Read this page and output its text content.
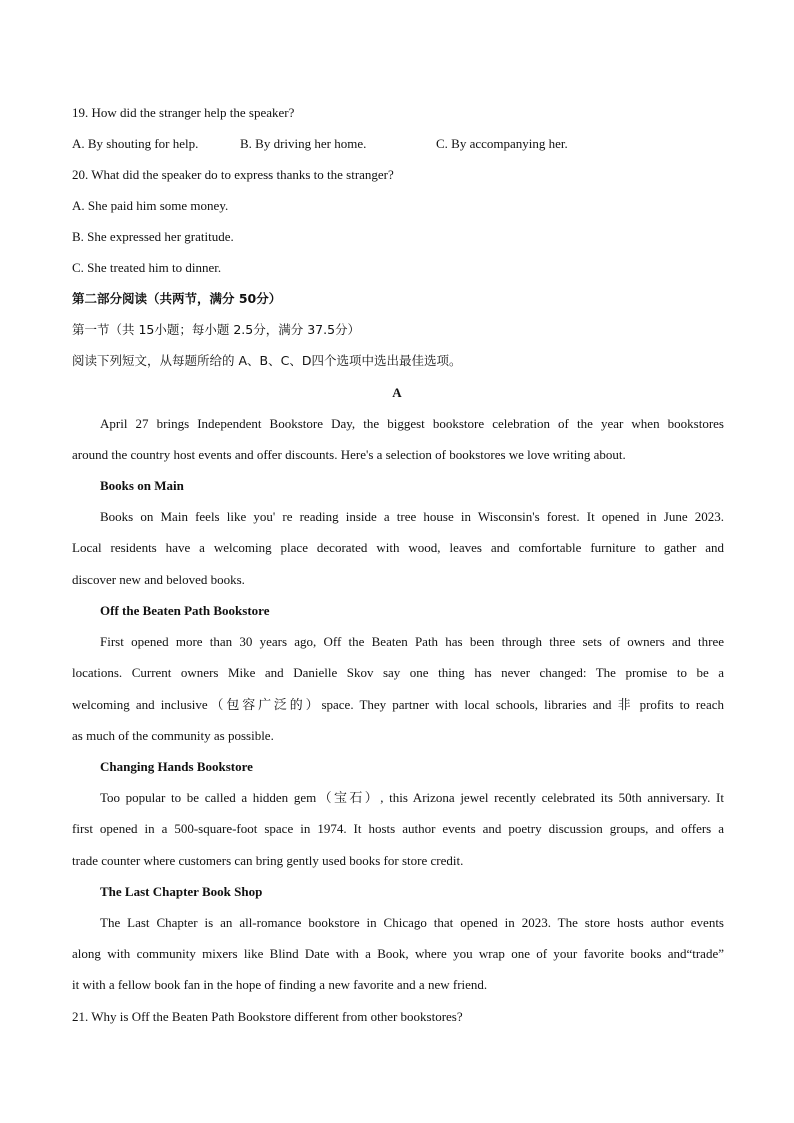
19. How did the stranger help the speaker?
A. By shouting for help.	B. By driving her home.	C. By accompanying her.
20. What did the speaker do to express thanks to the stranger?
A. She paid him some money.
B. She expressed her gratitude.
C. She treated him to dinner.
第二部分阅读（共两节，满分 50分）
第一节（共 15小题；每小题 2.5分，满分 37.5分）
阅读下列短文，从每题所给的 A、B、C、D四个选项中选出最佳选项。
A
April 27 brings Independent Bookstore Day, the biggest bookstore celebration of the year when bookstores
around the country host events and offer discounts. Here's a selection of bookstores we love writing about.
Books on Main
Books on Main feels like you' re reading inside a tree house in Wisconsin's forest. It opened in June 2023.
Local residents have a welcoming place decorated with wood, leaves and comfortable furniture to gather and
discover new and beloved books.
Off the Beaten Path Bookstore
First opened more than 30 years ago, Off the Beaten Path has been through three sets of owners and three
locations. Current owners Mike and Danielle Skov say one thing has never changed: The promise to be a
welcoming and inclusive（包容广泛的）space. They partner with local schools, libraries and 非 profits to reach
as much of the community as possible.
Changing Hands Bookstore
Too popular to be called a hidden gem（宝石）, this Arizona jewel recently celebrated its 50th anniversary. It
first opened in a 500-square-foot space in 1974. It hosts author events and poetry discussion groups, and offers a
trade counter where customers can bring gently used books for store credit.
The Last Chapter Book Shop
The Last Chapter is an all-romance bookstore in Chicago that opened in 2023. The store hosts author events
along with community mixers like Blind Date with a Book, where you wrap one of your favorite books and“trade”
it with a fellow book fan in the hope of finding a new favorite and a new friend.
21. Why is Off the Beaten Path Bookstore different from other bookstores?
